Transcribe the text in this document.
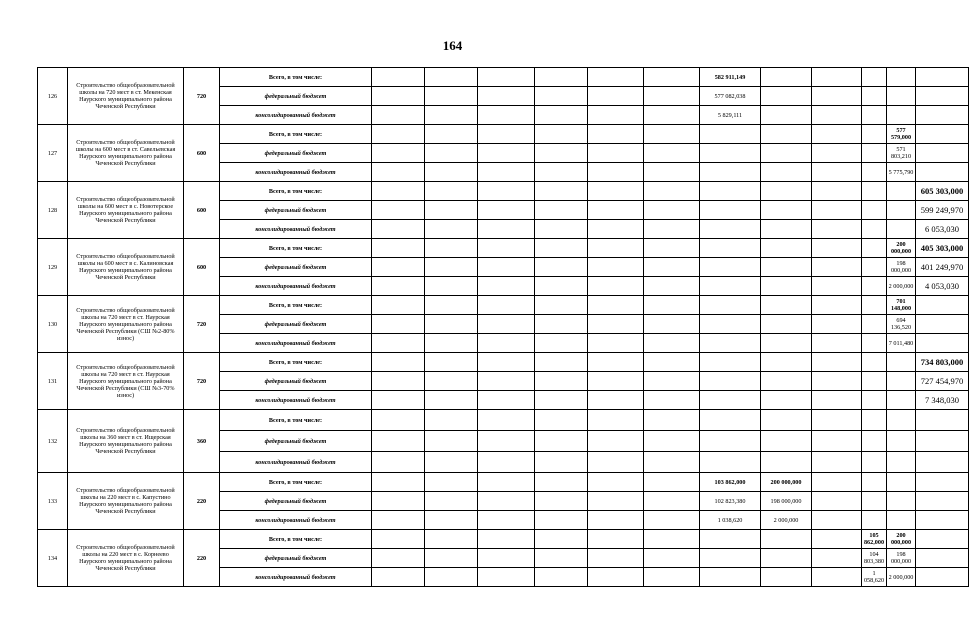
164
126	Строительство общеобразовательной школы на 720 мест в ст. Мекенская Наурского муниципального района Чеченской Республики	720	Всего, в том числе:							582 911,149					
			федеральный бюджет							577 082,038					
			консолидированный бюджет							5 829,111					
127	Строительство общеобразовательной школы на 600 мест в ст. Савельевская Наурского муниципального района Чеченской Республики	600	Всего, в том числе:											577 579,000	
			федеральный бюджет											571 803,210	
			консолидированный бюджет											5 775,790	
128	Строительство общеобразовательной школы на 600 мест в с. Новотерское Наурского муниципального района Чеченской Республики	600	Всего, в том числе:												605 303,000
			федеральный бюджет												599 249,970
			консолидированный бюджет												6 053,030
129	Строительство общеобразовательной школы на 600 мест в с. Калиновская Наурского муниципального района Чеченской Республики	600	Всего, в том числе:											200 000,000	405 303,000
			федеральный бюджет											198 000,000	401 249,970
			консолидированный бюджет											2 000,000	4 053,030
130	Строительство общеобразовательной школы на 720 мест в ст. Наурская Наурского муниципального района Чеченской Республики (СШ №2-80% износ)	720	Всего, в том числе:											701 148,000	
			федеральный бюджет											694 136,520	
			консолидированный бюджет											7 011,480	
131	Строительство общеобразовательной школы на 720 мест в ст. Наурская Наурского муниципального района Чеченской Республики (СШ №3-70% износ)	720	Всего, в том числе:												734 803,000
			федеральный бюджет												727 454,970
			консолидированный бюджет												7 348,030
132	Строительство общеобразовательной школы на 360 мест в ст. Ищерская Наурского муниципального района Чеченской Республики	360	Всего, в том числе:												
			федеральный бюджет												
			консолидированный бюджет												
133	Строительство общеобразовательной школы на 220 мест в с. Капустино Наурского муниципального района Чеченской Республики	220	Всего, в том числе:							103 862,000	200 000,000				
			федеральный бюджет							102 823,380	198 000,000				
			консолидированный бюджет							1 038,620	2 000,000				
134	Строительство общеобразовательной школы на 220 мест в с. Корнеево Наурского муниципального района Чеченской Республики	220	Всего, в том числе:										105 862,000	200 000,000	
			федеральный бюджет										104 803,380	198 000,000	
			консолидированный бюджет										1 058,620	2 000,000	
